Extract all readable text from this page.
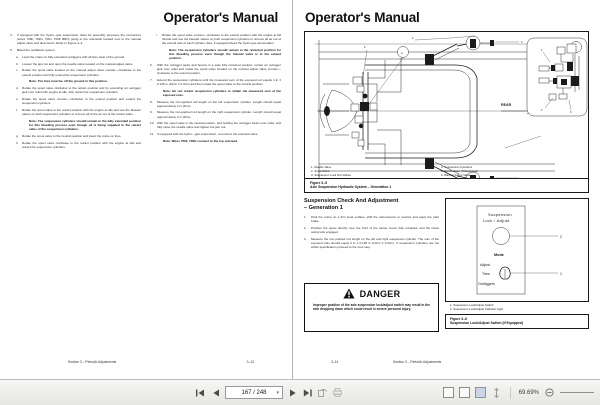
Operator's Manual
4.	If equipped with the hydro—gas suspension, label for assembly purposes the connectors (wires 709F, 709G, 709J, 709K BRN) going to the solenoids located next to the manual adjust valve and disconnect. Refer to Figure 3–4.
5.	Bleed the oscillation system.
a.	Level the crane on fully extended outriggers with all tires clear of the ground.
b.	Loosen the jam nut and open the needle valve located on the manual adjust valve.
c.	Rotate the spool valve located on the manual adjust valve counter—clockwise to the extend position and fully extend the suspension cylinders.
Note: The tires must be off the ground in this position.
d.	Rotate the spool valve clockwise to the retract position and by extending an outrigger jack over relief with engine at idle, fully retract the suspension cylinders.
e.	Rotate the spool valve counter—clockwise to the extend position and extend the suspension cylinders.
f.	Rotate the spool valve to the retract position with the engine at idle and use the bleeder valves on both suspension cylinders to remove all of the air out of the retract sides.
Note: The suspension cylinders should remain in the fully extended position for this bleeding process even though oil is being supplied to the retract sides of the suspension cylinders.
g.	Rotate the spool valve to the neutral position and lower the crane on tires.
h.	Rotate the spool valve clockwise to the retract position with the engine at idle and retract the suspension cylinders.
i.	Rotate the spool valve counter—clockwise to the extend position with the engine at full throttle and use the bleeder valves on both suspension cylinders to remove all air out of the extend side of each cylinder. Also, if equipped bleed the hydro gas accumulator.
Note: The suspension cylinders should remain in the retracted position for this bleeding process even though the manual valve is in the extend position.
6.	With the outrigger jacks and beams in a safe fully retracted position, retract an outrigger jack over relief and rotate the spool valve located on the manual adjust valve counter—clockwise to the extend position.
7.	Extend the suspension cylinders until the measured sum of the exposed rod equals 4 in ± 0.125 in (10cm ± 0.3cm) and then rotate the spool valve to the neutral position.
Note: Do not retract suspension cylinders to obtain the measured sum of the exposed rods.
8.	Measure the non-painted rod length on the left suspension cylinder. Length should equal approximately 2 in (5cm).
9.	Measure the non-painted rod length on the right suspension cylinder. Length should equal approximately 2 in (5cm).
10. With the spool valve in the neutral position, and holding the outrigger beam over relief, and fully close the needle valve and tighten the jam nut.
11. If equipped with the hydro—gas suspension, re-connect the solenoid valve.
Note: Wires 709F, 709G connect to the top solenoid.
Section 3 – Periodic Adjustments	3–13
Operator's Manual
4
3
6
A
REAR
1
2
6
1. Needle Valve
2. Spool Valve
3. Suspension Lock Out Valves
4. Suspension Cylinders
5. Accumulator (If Equipped)
6. Manual Adjust Valve
Figure 3–5
Axle Suspension Hydraulic System – Generation 1
Suspension Check And Adjustment
– Generation 1
1.	Park the crane on a firm level surface, shift the transmission to neutral, and apply the park brake.
2.	Position the upper directly over the front of the carrier, boom fully retracted, and the travel swing lock engaged.
3.	Measure the non painted rod length on the left and right suspension cylinder. The sum of the exposed rods should equal 4 in ± 0.125 in (10cm ± 0.3cm). If suspension cylinders are not within specification proceed to the next step.
DANGER
Improper position of the axle suspension lock/adjust switch may result in the axle dropping down which could result in severe personal injury.
Suspension
Lock / Adjust
Mode
Adjust
Tires
Outriggers
2
1
1. Suspension Lock/Adjust Switch
2. Suspension Lock/Adjust Indicator Light
Figure 3–6
Suspension Lock/Adjust Switch (If Equipped)
3–14	Section 3 – Periodic Adjustments
167 / 248 ▾	69.69%
